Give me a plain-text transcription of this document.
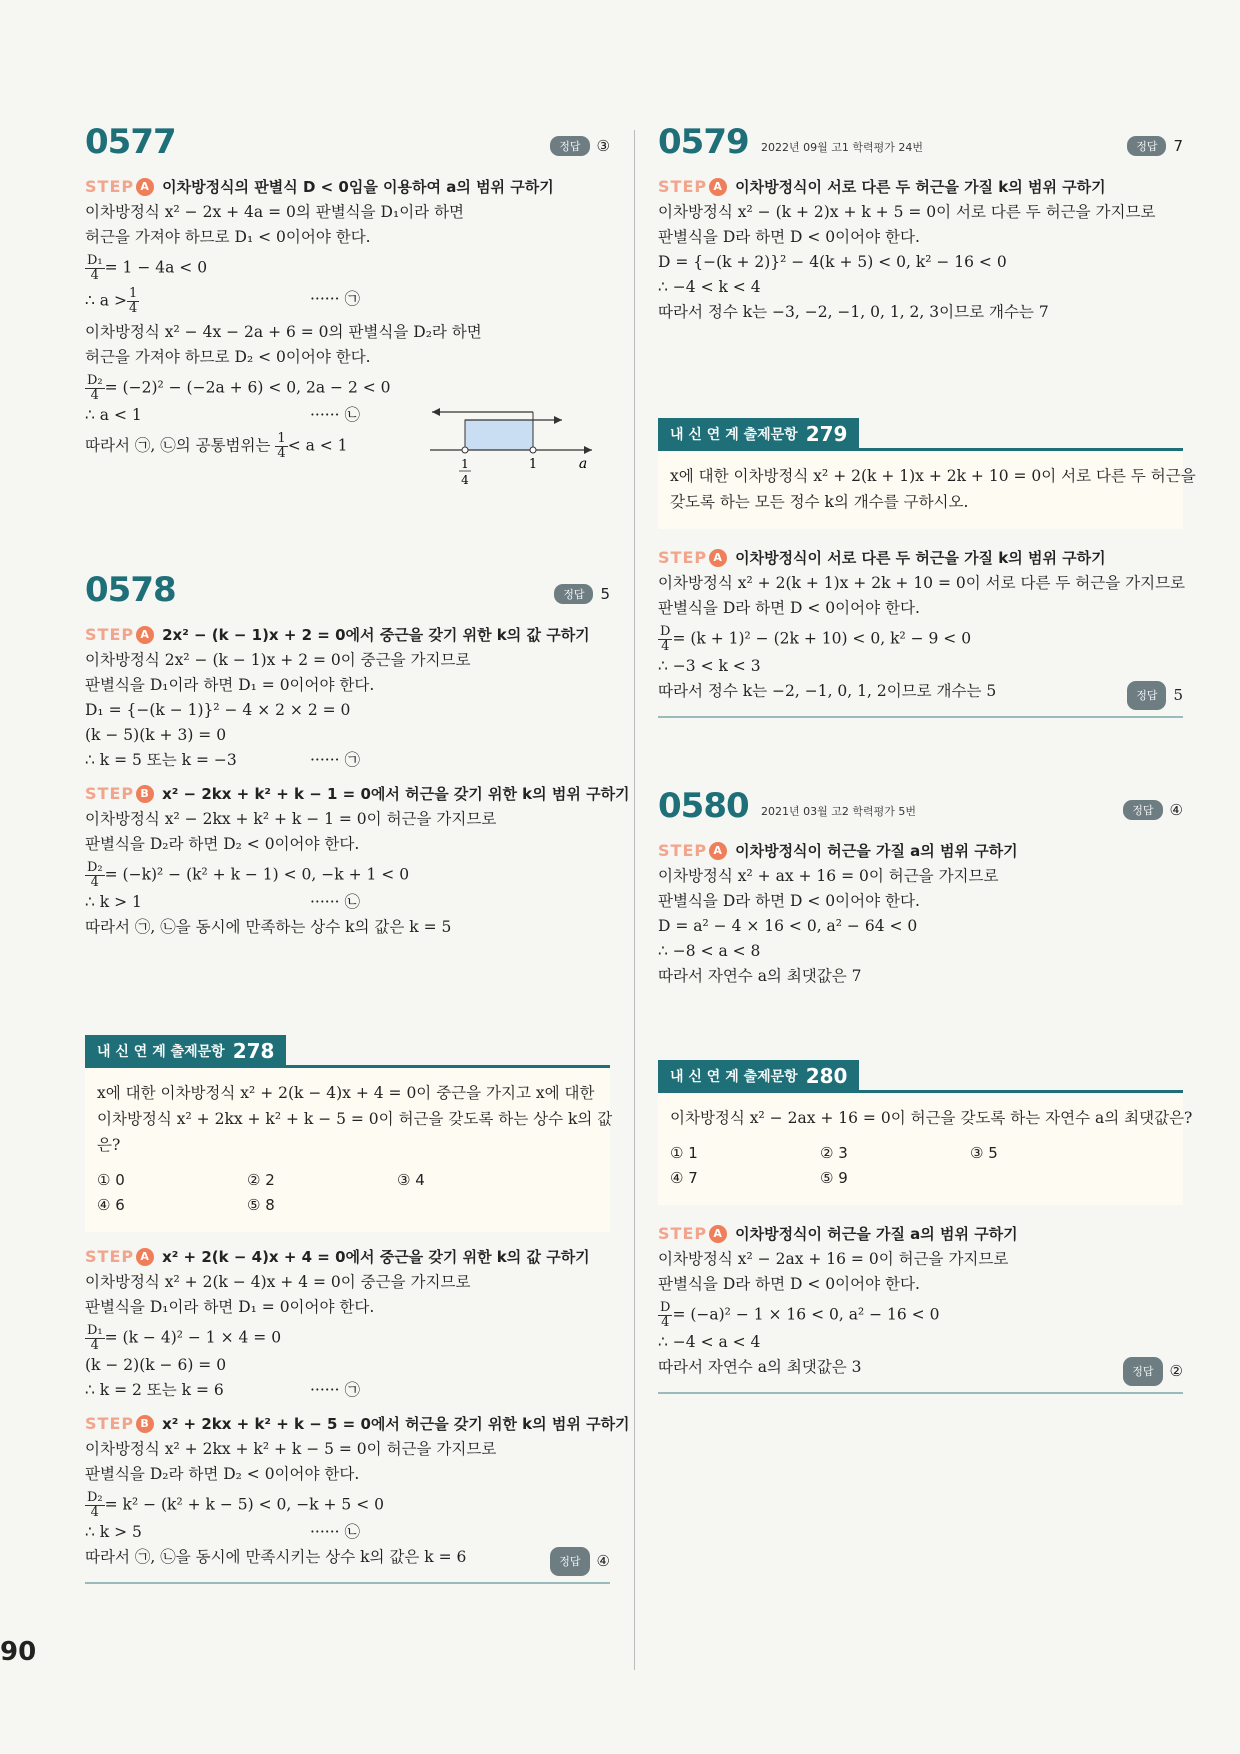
90
0577	정답	③
STEP A 이차방정식의 판별식 D < 0임을 이용하여 a의 범위 구하기
이차방정식 x² − 2x + 4a = 0의 판별식을 D₁이라 하면
허근을 가져야 하므로 D₁ < 0이어야 한다.
$\frac{\text{D₁}}{4} = 1 - 4a < 0$
∴ $a > \frac{1}{4}$	······ ㉠
이차방정식 x² − 4x − 2a + 6 = 0의 판별식을 D₂라 하면
허근을 가져야 하므로 D₂ < 0이어야 한다.
$\frac{\text{D₂}}{4} = (-2)^2 - (-2a + 6) < 0$, 2a − 2 < 0
∴ a < 1	······ ㉡
따라서 ㉠, ㉡의 공통범위는 $\frac{1}{4} < a < 1$
1
4
1	a
0578	정답	5
STEP A 2x² − (k − 1)x + 2 = 0에서 중근을 갖기 위한 k의 값 구하기
이차방정식 2x² − (k − 1)x + 2 = 0이 중근을 가지므로
판별식을 D₁이라 하면 D₁ = 0이어야 한다.
D₁ = {−(k − 1)}² − 4 × 2 × 2 = 0
(k − 5)(k + 3) = 0
∴ k = 5 또는 k = −3	······ ㉠
STEP B x² − 2kx + k² + k − 1 = 0에서 허근을 갖기 위한 k의 범위 구하기
이차방정식 x² − 2kx + k² + k − 1 = 0이 허근을 가지므로
판별식을 D₂라 하면 D₂ < 0이어야 한다.
$\frac{\text{D₂}}{4} = (-k)^2 - (k^2 + k - 1) < 0$, −k + 1 < 0
∴ k > 1	······ ㉡
따라서 ㉠, ㉡을 동시에 만족하는 상수 k의 값은 k = 5
내 신 연 계 출제문항 278
x에 대한 이차방정식 x² + 2(k − 4)x + 4 = 0이 중근을 가지고 x에 대한
이차방정식 x² + 2kx + k² + k − 5 = 0이 허근을 갖도록 하는 상수 k의 값
은?
① 0	② 2	③ 4
④ 6	⑤ 8
STEP A x² + 2(k − 4)x + 4 = 0에서 중근을 갖기 위한 k의 값 구하기
이차방정식 x² + 2(k − 4)x + 4 = 0이 중근을 가지므로
판별식을 D₁이라 하면 D₁ = 0이어야 한다.
$\frac{\text{D₁}}{4} = (k - 4)^2 - 1 \times 4 = 0$
(k − 2)(k − 6) = 0
∴ k = 2 또는 k = 6	······ ㉠
STEP B x² + 2kx + k² + k − 5 = 0에서 허근을 갖기 위한 k의 범위 구하기
이차방정식 x² + 2kx + k² + k − 5 = 0이 허근을 가지므로
판별식을 D₂라 하면 D₂ < 0이어야 한다.
$\frac{\text{D₂}}{4} = k^2 - (k^2 + k - 5) < 0$, −k + 5 < 0
∴ k > 5	······ ㉡
따라서 ㉠, ㉡을 동시에 만족시키는 상수 k의 값은 k = 6	정답	④
0579 2022년 09월 고1 학력평가 24번	정답	7
STEP A 이차방정식이 서로 다른 두 허근을 가질 k의 범위 구하기
이차방정식 x² − (k + 2)x + k + 5 = 0이 서로 다른 두 허근을 가지므로
판별식을 D라 하면 D < 0이어야 한다.
D = {−(k + 2)}² − 4(k + 5) < 0, k² − 16 < 0
∴ −4 < k < 4
따라서 정수 k는 −3, −2, −1, 0, 1, 2, 3이므로 개수는 7
내 신 연 계 출제문항 279
x에 대한 이차방정식 x² + 2(k + 1)x + 2k + 10 = 0이 서로 다른 두 허근을
갖도록 하는 모든 정수 k의 개수를 구하시오.
STEP A 이차방정식이 서로 다른 두 허근을 가질 k의 범위 구하기
이차방정식 x² + 2(k + 1)x + 2k + 10 = 0이 서로 다른 두 허근을 가지므로
판별식을 D라 하면 D < 0이어야 한다.
$\frac{D}{4} = (k + 1)^2 - (2k + 10) < 0$, k² − 9 < 0
∴ −3 < k < 3
따라서 정수 k는 −2, −1, 0, 1, 2이므로 개수는 5	정답	5
0580 2021년 03월 고2 학력평가 5번	정답	④
STEP A 이차방정식이 허근을 가질 a의 범위 구하기
이차방정식 x² + ax + 16 = 0이 허근을 가지므로
판별식을 D라 하면 D < 0이어야 한다.
D = a² − 4 × 16 < 0, a² − 64 < 0
∴ −8 < a < 8
따라서 자연수 a의 최댓값은 7
내 신 연 계 출제문항 280
이차방정식 x² − 2ax + 16 = 0이 허근을 갖도록 하는 자연수 a의 최댓값은?
① 1	② 3	③ 5
④ 7	⑤ 9
STEP A 이차방정식이 허근을 가질 a의 범위 구하기
이차방정식 x² − 2ax + 16 = 0이 허근을 가지므로
판별식을 D라 하면 D < 0이어야 한다.
$\frac{D}{4} = (-a)^2 - 1 \times 16 < 0$, a² − 16 < 0
∴ −4 < a < 4
따라서 자연수 a의 최댓값은 3	정답	②
